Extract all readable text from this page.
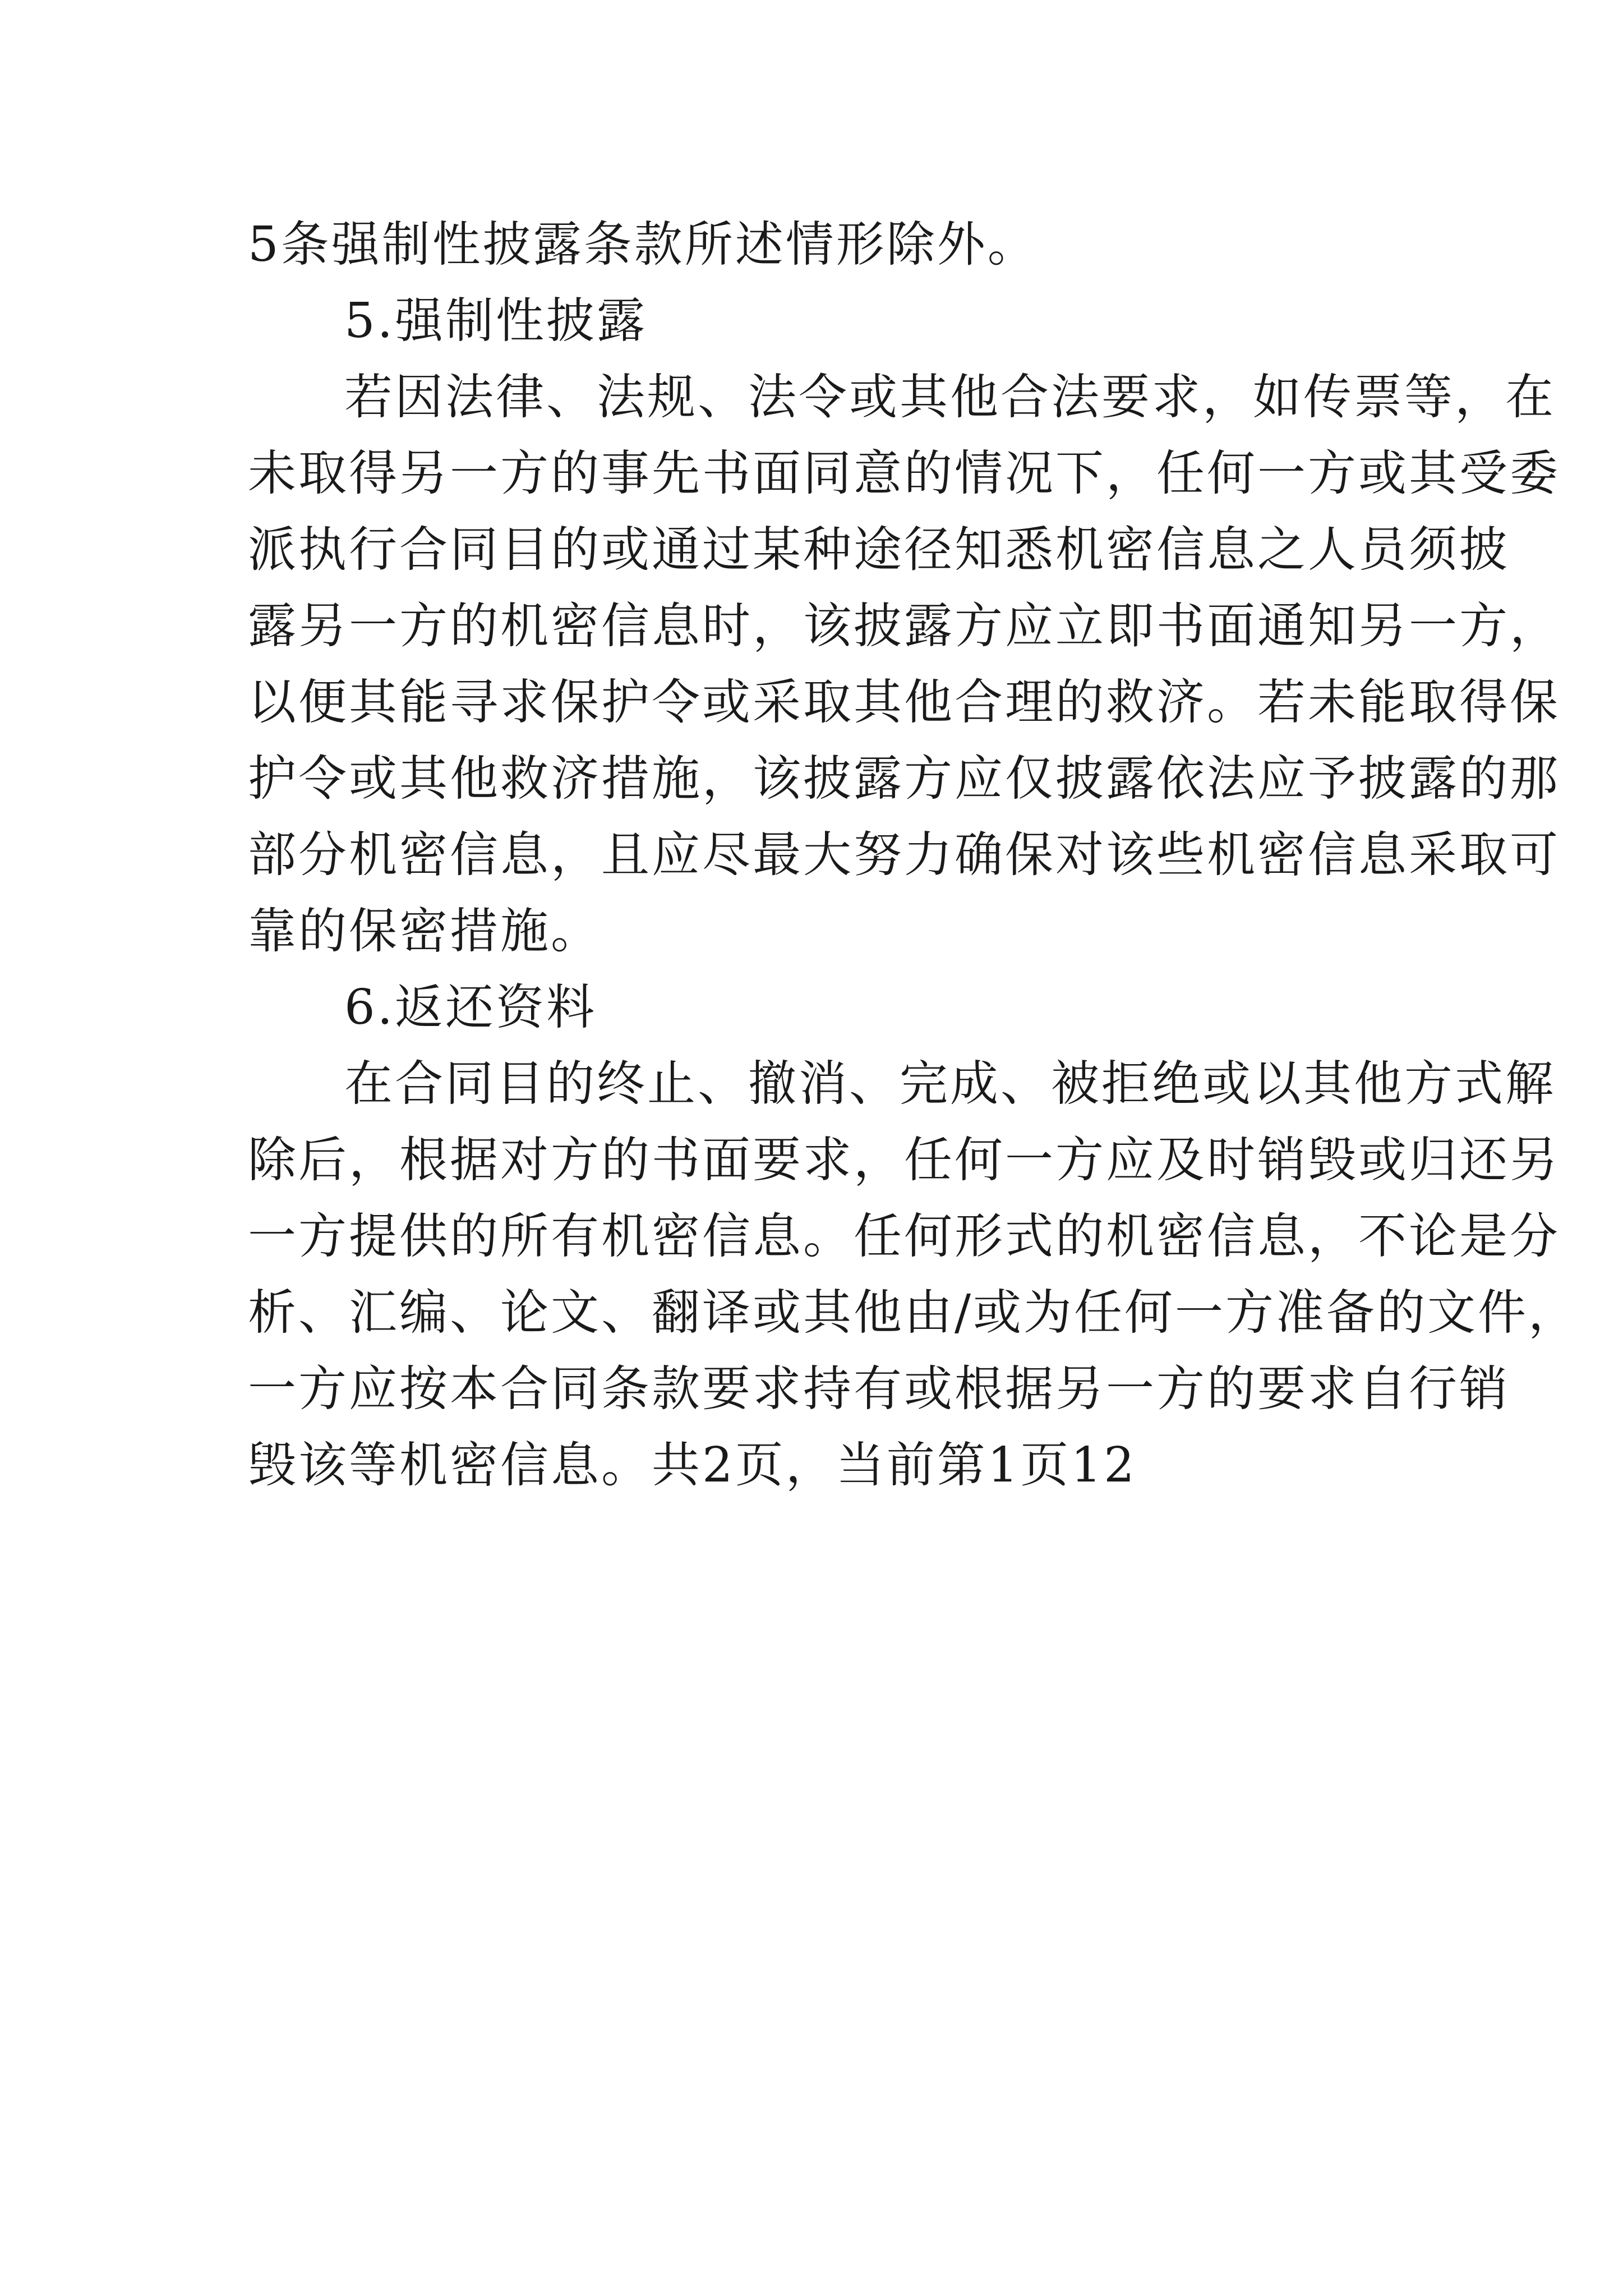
5条强制性披露条款所述情形除外。
5.强制性披露
若因法律、法规、法令或其他合法要求，如传票等，在
未取得另一方的事先书面同意的情况下，任何一方或其受委
派执行合同目的或通过某种途径知悉机密信息之人员须披
露另一方的机密信息时，该披露方应立即书面通知另一方，
以便其能寻求保护令或采取其他合理的救济。若未能取得保
护令或其他救济措施，该披露方应仅披露依法应予披露的那
部分机密信息，且应尽最大努力确保对该些机密信息采取可
靠的保密措施。
6.返还资料
在合同目的终止、撤消、完成、被拒绝或以其他方式解
除后，根据对方的书面要求，任何一方应及时销毁或归还另
一方提供的所有机密信息。任何形式的机密信息，不论是分
析、汇编、论文、翻译或其他由/或为任何一方准备的文件，
一方应按本合同条款要求持有或根据另一方的要求自行销
毁该等机密信息。共2页，当前第1页12
